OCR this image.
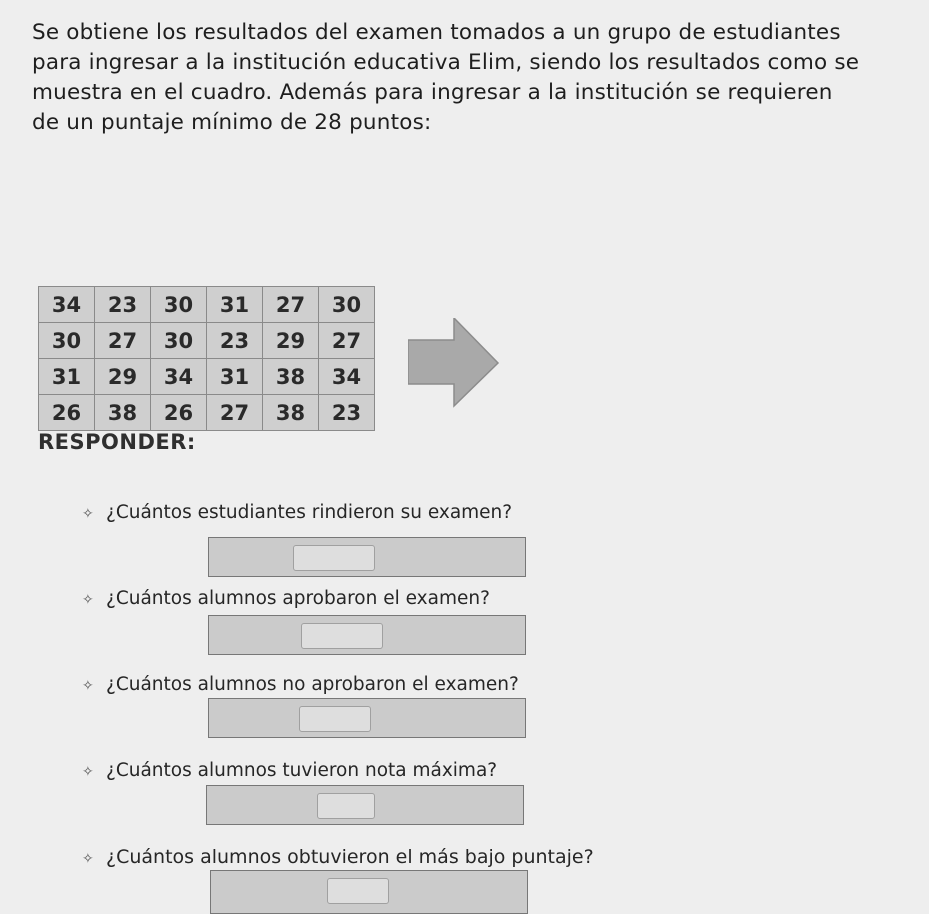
Se obtiene los resultados del examen tomados a un grupo de estudiantes
para ingresar a la institución educativa Elim, siendo los resultados como se
muestra en el cuadro. Además para ingresar a la institución se requieren
de un puntaje mínimo de 28 puntos:
34	23	30	31	27	30
30	27	30	23	29	27
31	29	34	31	38	34
26	38	26	27	38	23
RESPONDER:
✧ ¿Cuántos estudiantes rindieron su examen?
✧ ¿Cuántos alumnos aprobaron el examen?
✧ ¿Cuántos alumnos no aprobaron el examen?
✧ ¿Cuántos alumnos tuvieron nota máxima?
✧ ¿Cuántos alumnos obtuvieron el más bajo puntaje?
